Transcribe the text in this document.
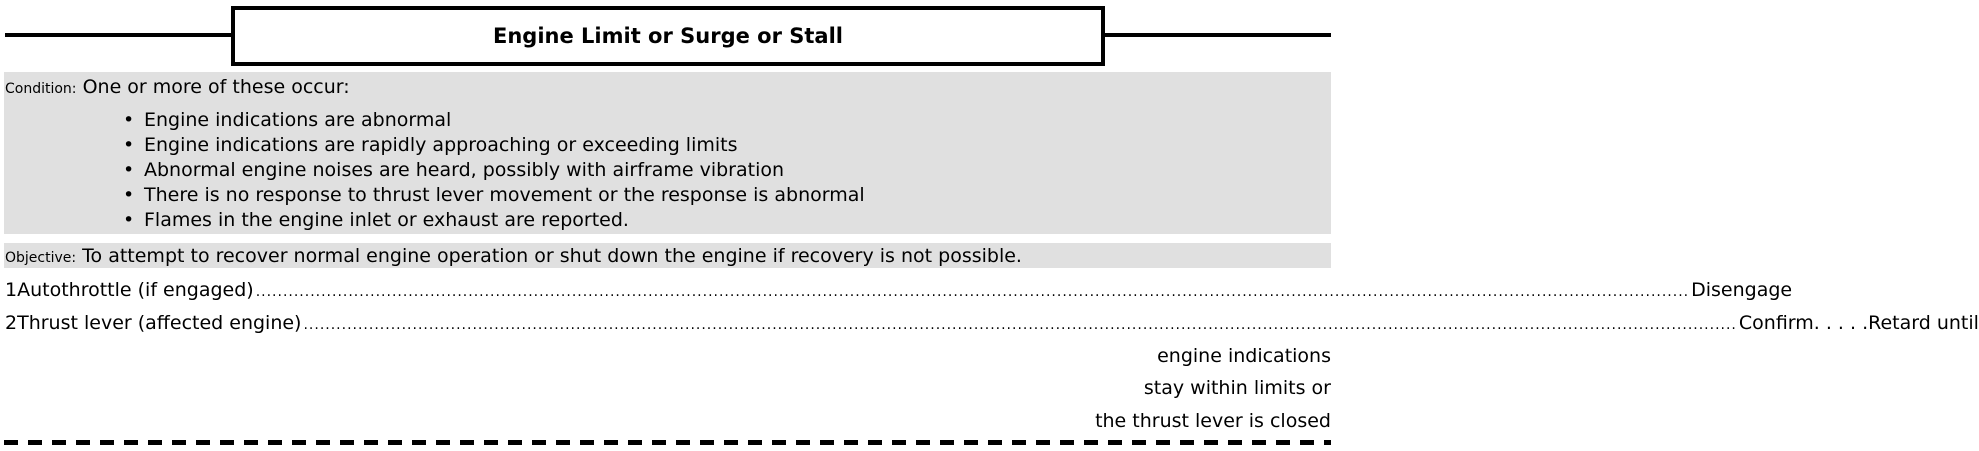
Engine Limit or Surge or Stall
Condition: One or more of these occur:
• Engine indications are abnormal
• Engine indications are rapidly approaching or exceeding limits
• Abnormal engine noises are heard, possibly with airframe vibration
• There is no response to thrust lever movement or the response is abnormal
• Flames in the engine inlet or exhaust are reported.
Objective: To attempt to recover normal engine operation or shut down the engine if recovery is not possible.
1 Autothrottle (if engaged) ....................................................................................................................................................................................................................................................................... Disengage
2 Thrust lever (affected engine) ....................................................................................................................................................................................................................................................................... Confirm. . . . .Retard until
engine indications
stay within limits or
the thrust lever is closed
